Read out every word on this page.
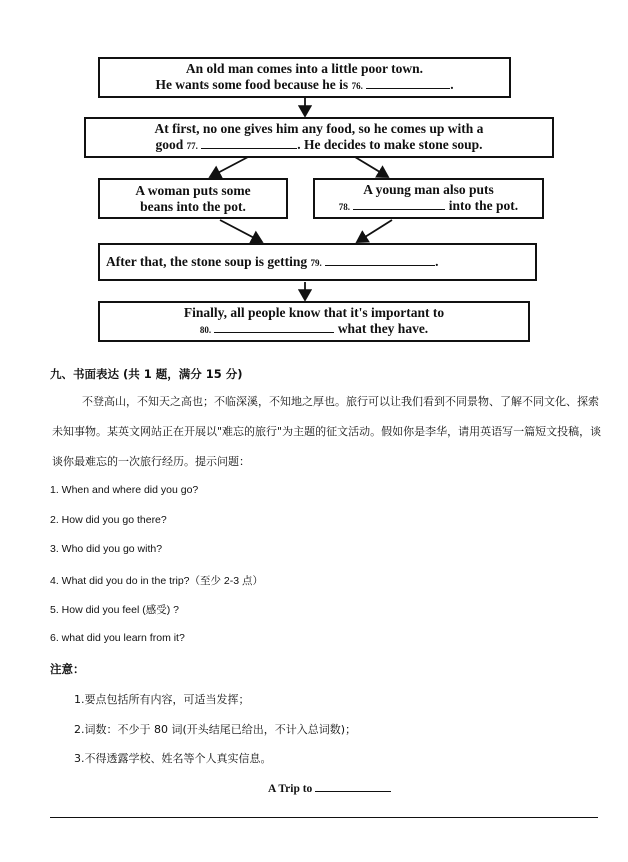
An old man comes into a little poor town.
He wants some food because he is 76.	.
At first, no one gives him any food, so he comes up with a
good 77.	. He decides to make stone soup.
A woman puts some
beans into the pot.
A young man also puts
78.	into the pot.
After that, the stone soup is getting 79.	.
Finally, all people know that it's important to
80.	what they have.
九、书面表达 (共 1 题，满分 15 分)
不登高山，不知天之高也；不临深溪，不知地之厚也。旅行可以让我们看到不同景物、了解不同文化、探索未知事物。某英文网站正在开展以"难忘的旅行"为主题的征文活动。假如你是李华，请用英语写一篇短文投稿，谈谈你最难忘的一次旅行经历。提示问题：
1. When and where did you go?
2. How did you go there?
3. Who did you go with?
4. What did you do in the trip?（至少 2-3 点）
5. How did you feel (感受) ?
6. what did you learn from it?
注意：
1.要点包括所有内容，可适当发挥；
2.词数：不少于 80 词(开头结尾已给出，不计入总词数)；
3.不得透露学校、姓名等个人真实信息。
A Trip to
